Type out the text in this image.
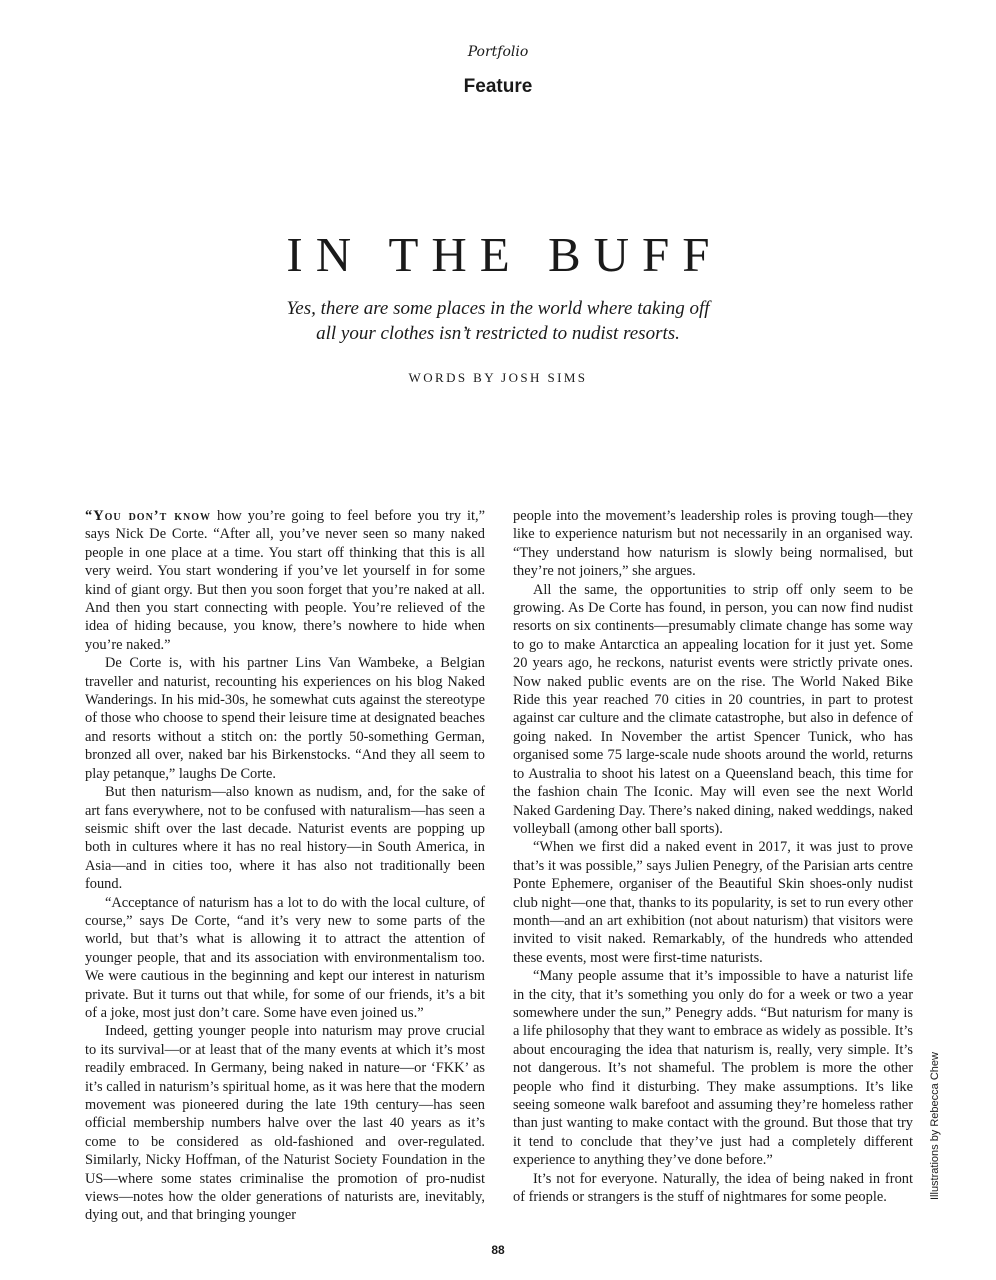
Portfolio
Feature
IN THE BUFF
Yes, there are some places in the world where taking off
all your clothes isn’t restricted to nudist resorts.
WORDS BY JOSH SIMS

“You don’t know how you’re going to feel before you try it,” says Nick De Corte. “After all, you’ve never seen so many naked people in one place at a time. You start off thinking that this is all very weird. You start wondering if you’ve let yourself in for some kind of giant orgy. But then you soon forget that you’re naked at all. And then you start connecting with people. You’re relieved of the idea of hiding because, you know, there’s nowhere to hide when you’re naked.”

De Corte is, with his partner Lins Van Wambeke, a Belgian traveller and naturist, recounting his experiences on his blog Naked Wanderings. In his mid-30s, he somewhat cuts against the stereotype of those who choose to spend their leisure time at designated beaches and resorts without a stitch on: the portly 50-something German, bronzed all over, naked bar his Birkenstocks. “And they all seem to play petanque,” laughs De Corte.

But then naturism—also known as nudism, and, for the sake of art fans everywhere, not to be confused with naturalism—has seen a seismic shift over the last decade. Naturist events are popping up both in cultures where it has no real history—in South America, in Asia—and in cities too, where it has also not traditionally been found.

“Acceptance of naturism has a lot to do with the local culture, of course,” says De Corte, “and it’s very new to some parts of the world, but that’s what is allowing it to attract the attention of younger people, that and its association with environmentalism too. We were cautious in the beginning and kept our interest in naturism private. But it turns out that while, for some of our friends, it’s a bit of a joke, most just don’t care. Some have even joined us.”

Indeed, getting younger people into naturism may prove crucial to its survival—or at least that of the many events at which it’s most readily embraced. In Germany, being naked in nature—or ‘FKK’ as it’s called in naturism’s spiritual home, as it was here that the modern movement was pioneered during the late 19th century—has seen official membership numbers halve over the last 40 years as it’s come to be considered as old-fashioned and over-regulated. Similarly, Nicky Hoffman, of the Naturist Society Foundation in the US—where some states criminalise the promotion of pro-nudist views—notes how the older generations of naturists are, inevitably, dying out, and that bringing younger

people into the movement’s leadership roles is proving tough—they like to experience naturism but not necessarily in an organised way. “They understand how naturism is slowly being normalised, but they’re not joiners,” she argues.

All the same, the opportunities to strip off only seem to be growing. As De Corte has found, in person, you can now find nudist resorts on six continents—presumably climate change has some way to go to make Antarctica an appealing location for it just yet. Some 20 years ago, he reckons, naturist events were strictly private ones. Now naked public events are on the rise. The World Naked Bike Ride this year reached 70 cities in 20 countries, in part to protest against car culture and the climate catastrophe, but also in defence of going naked. In November the artist Spencer Tunick, who has organised some 75 large-scale nude shoots around the world, returns to Australia to shoot his latest on a Queensland beach, this time for the fashion chain The Iconic. May will even see the next World Naked Gardening Day. There’s naked dining, naked weddings, naked volleyball (among other ball sports).

“When we first did a naked event in 2017, it was just to prove that’s it was possible,” says Julien Penegry, of the Parisian arts centre Ponte Ephemere, organiser of the Beautiful Skin shoes-only nudist club night—one that, thanks to its popularity, is set to run every other month—and an art exhibition (not about naturism) that visitors were invited to visit naked. Remarkably, of the hundreds who attended these events, most were first-time naturists.

“Many people assume that it’s impossible to have a naturist life in the city, that it’s something you only do for a week or two a year somewhere under the sun,” Penegry adds. “But naturism for many is a life philosophy that they want to embrace as widely as possible. It’s about encouraging the idea that naturism is, really, very simple. It’s not dangerous. It’s not shameful. The problem is more the other people who find it disturbing. They make assumptions. It’s like seeing someone walk barefoot and assuming they’re homeless rather than just wanting to make contact with the ground. But those that try it tend to conclude that they’ve just had a completely different experience to anything they’ve done before.”

It’s not for everyone. Naturally, the idea of being naked in front of friends or strangers is the stuff of nightmares for some people.	Illustrations by Rebecca Chew
88
